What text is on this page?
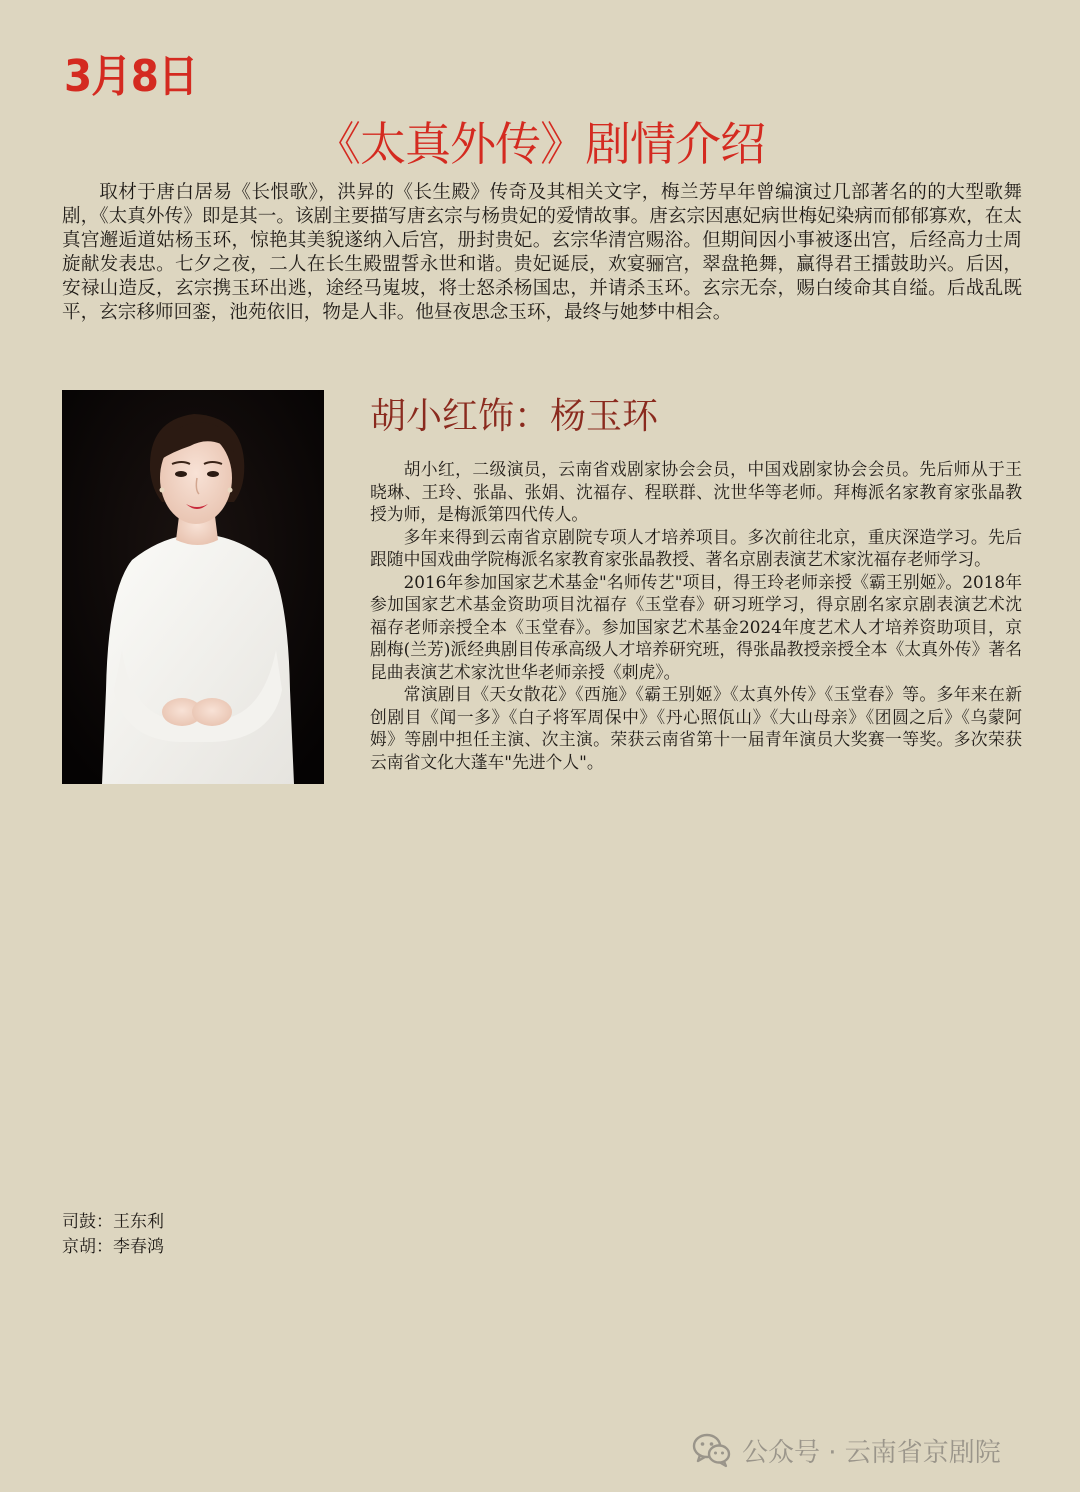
3月8日
《太真外传》剧情介绍

取材于唐白居易《长恨歌》，洪昇的《长生殿》传奇及其相关文字，梅兰芳早年曾编演过几部著名的的大型歌舞剧，《太真外传》即是其一。该剧主要描写唐玄宗与杨贵妃的爱情故事。唐玄宗因惠妃病世梅妃染病而郁郁寡欢，在太真宫邂逅道姑杨玉环，惊艳其美貌遂纳入后宫，册封贵妃。玄宗华清宫赐浴。但期间因小事被逐出宫，后经高力士周旋献发表忠。七夕之夜，二人在长生殿盟誓永世和谐。贵妃诞辰，欢宴骊宫，翠盘艳舞，赢得君王擂鼓助兴。后因，安禄山造反，玄宗携玉环出逃，途经马嵬坡，将士怒杀杨国忠，并请杀玉环。玄宗无奈，赐白绫命其自缢。后战乱既平，玄宗移师回銮，池苑依旧，物是人非。他昼夜思念玉环，最终与她梦中相会。

胡小红饰：杨玉环

胡小红，二级演员，云南省戏剧家协会会员，中国戏剧家协会会员。先后师从于王晓琳、王玲、张晶、张娟、沈福存、程联群、沈世华等老师。拜梅派名家教育家张晶教授为师，是梅派第四代传人。

多年来得到云南省京剧院专项人才培养项目。多次前往北京，重庆深造学习。先后跟随中国戏曲学院梅派名家教育家张晶教授、著名京剧表演艺术家沈福存老师学习。

2016年参加国家艺术基金"名师传艺"项目，得王玲老师亲授《霸王别姬》。2018年参加国家艺术基金资助项目沈福存《玉堂春》研习班学习，得京剧名家京剧表演艺术沈福存老师亲授全本《玉堂春》。参加国家艺术基金2024年度艺术人才培养资助项目，京剧梅(兰芳)派经典剧目传承高级人才培养研究班，得张晶教授亲授全本《太真外传》著名昆曲表演艺术家沈世华老师亲授《刺虎》。

常演剧目《天女散花》《西施》《霸王别姬》《太真外传》《玉堂春》等。多年来在新创剧目《闻一多》《白子将军周保中》《丹心照佤山》《大山母亲》《团圆之后》《乌蒙阿姆》等剧中担任主演、次主演。荣获云南省第十一届青年演员大奖赛一等奖。多次荣获云南省文化大蓬车"先进个人"。

司鼓：王东利
京胡：李春鸿
公众号 · 云南省京剧院
